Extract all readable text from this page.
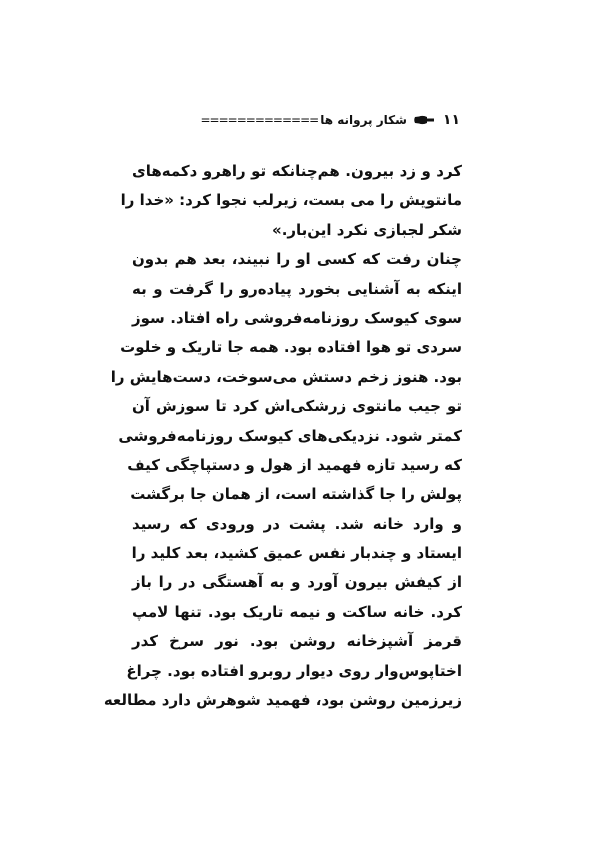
۱۱
شکار پروانه ها
=============
کرد و زد بیرون. هم‌چنانکه تو راهرو دکمه‌های
مانتویش را می بست، زیرلب نجوا کرد: «خدا را
شکر لجبازی نکرد این‌بار.»
چنان رفت که کسی او را نبیند، بعد هم بدون
اینکه به آشنایی بخورد پیاده‌رو را گرفت و به
سوی کیوسک روزنامه‌فروشی راه افتاد. سوز
سردی تو هوا افتاده بود. همه جا تاریک و خلوت
بود. هنوز زخم دستش می‌سوخت، دست‌هایش را
تو جیب مانتوی زرشکی‌اش کرد تا سوزش آن
کمتر شود. نزدیکی‌های کیوسک روزنامه‌فروشی
که رسید تازه فهمید از هول و دستپاچگی کیف
پولش را جا گذاشته است، از همان جا برگشت
و وارد خانه شد. پشت در ورودی که رسید
ایستاد و چندبار نفس عمیق کشید، بعد کلید را
از کیفش بیرون آورد و به آهستگی در را باز
کرد. خانه ساکت و نیمه تاریک بود. تنها لامپ
قرمز آشپزخانه روشن بود. نور سرخ کدر
اختاپوس‌وار روی دیوار روبرو افتاده بود. چراغ
زیرزمین روشن بود، فهمید شوهرش دارد مطالعه
